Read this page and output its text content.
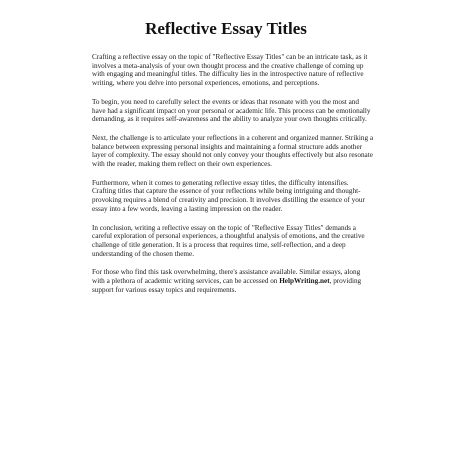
Reflective Essay Titles

Crafting a reflective essay on the topic of "Reflective Essay Titles" can be an intricate task, as it involves a meta-analysis of your own thought process and the creative challenge of coming up with engaging and meaningful titles. The difficulty lies in the introspective nature of reflective writing, where you delve into personal experiences, emotions, and perceptions.

To begin, you need to carefully select the events or ideas that resonate with you the most and have had a significant impact on your personal or academic life. This process can be emotionally demanding, as it requires self-awareness and the ability to analyze your own thoughts critically.

Next, the challenge is to articulate your reflections in a coherent and organized manner. Striking a balance between expressing personal insights and maintaining a formal structure adds another layer of complexity. The essay should not only convey your thoughts effectively but also resonate with the reader, making them reflect on their own experiences.

Furthermore, when it comes to generating reflective essay titles, the difficulty intensifies. Crafting titles that capture the essence of your reflections while being intriguing and thought-provoking requires a blend of creativity and precision. It involves distilling the essence of your essay into a few words, leaving a lasting impression on the reader.

In conclusion, writing a reflective essay on the topic of "Reflective Essay Titles" demands a careful exploration of personal experiences, a thoughtful analysis of emotions, and the creative challenge of title generation. It is a process that requires time, self-reflection, and a deep understanding of the chosen theme.

For those who find this task overwhelming, there's assistance available. Similar essays, along with a plethora of academic writing services, can be accessed on HelpWriting.net, providing support for various essay topics and requirements.
